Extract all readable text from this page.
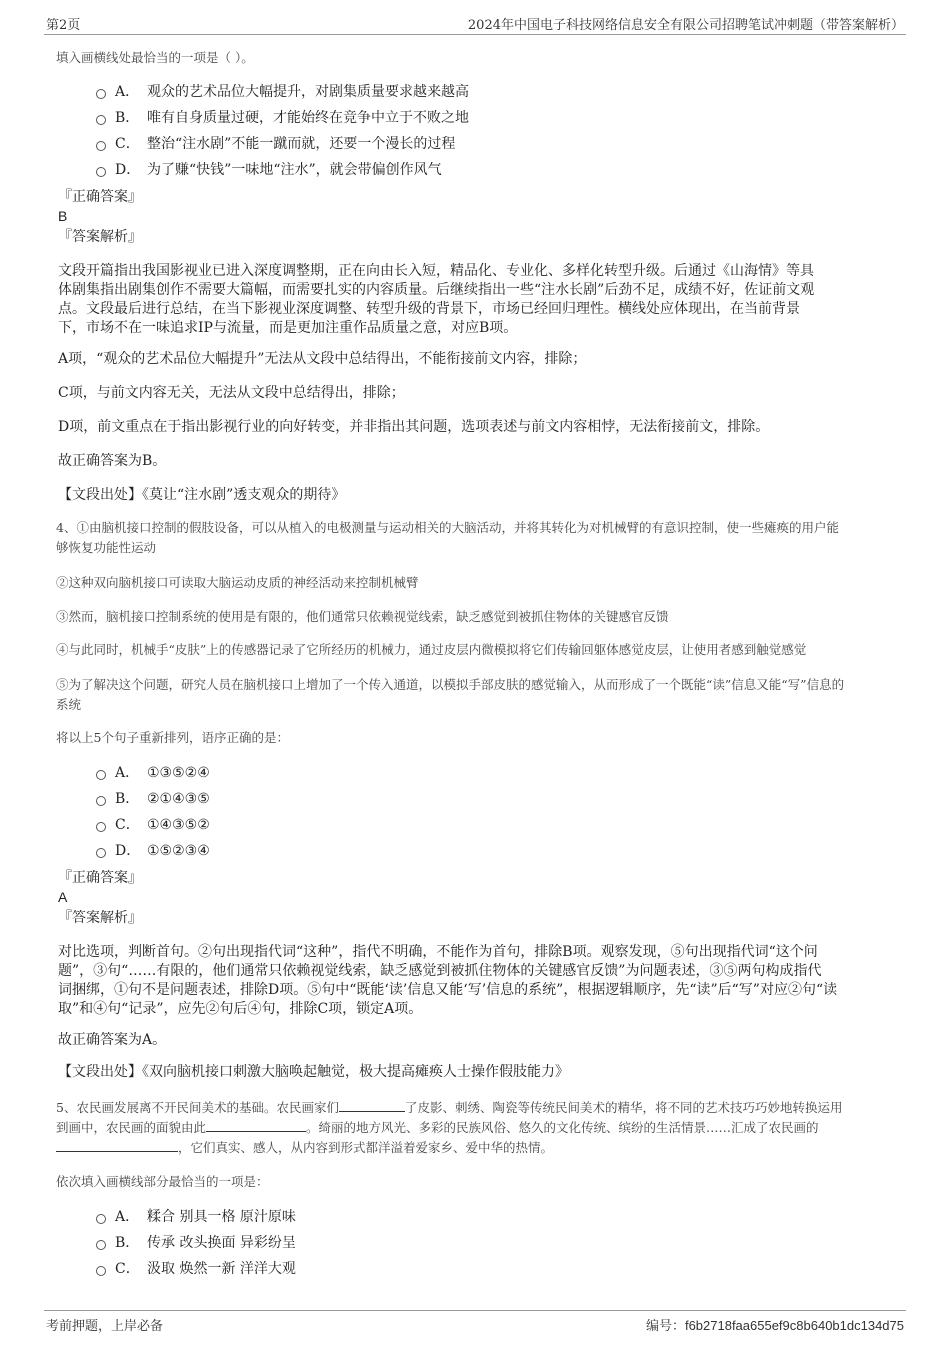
第2页	2024年中国电子科技网络信息安全有限公司招聘笔试冲刺题（带答案解析）
填入画横线处最恰当的一项是（ ）。
A． 观众的艺术品位大幅提升，对剧集质量要求越来越高
B． 唯有自身质量过硬，才能始终在竞争中立于不败之地
C． 整治“注水剧”不能一蹴而就，还要一个漫长的过程
D． 为了赚“快钱”一味地“注水”，就会带偏创作风气
『正确答案』
B
『答案解析』
文段开篇指出我国影视业已进入深度调整期，正在向由长入短，精品化、专业化、多样化转型升级。后通过《山海情》等具
体剧集指出剧集创作不需要大篇幅，而需要扎实的内容质量。后继续指出一些“注水长剧”后劲不足，成绩不好，佐证前文观
点。文段最后进行总结，在当下影视业深度调整、转型升级的背景下，市场已经回归理性。横线处应体现出，在当前背景
下，市场不在一味追求IP与流量，而是更加注重作品质量之意，对应B项。
A项，“观众的艺术品位大幅提升”无法从文段中总结得出，不能衔接前文内容，排除；
C项，与前文内容无关，无法从文段中总结得出，排除；
D项，前文重点在于指出影视行业的向好转变，并非指出其问题，选项表述与前文内容相悖，无法衔接前文，排除。
故正确答案为B。
【文段出处】《莫让“注水剧”透支观众的期待》
4、①由脑机接口控制的假肢设备，可以从植入的电极测量与运动相关的大脑活动，并将其转化为对机械臂的有意识控制，使一些瘫痪的用户能
够恢复功能性运动
②这种双向脑机接口可读取大脑运动皮质的神经活动来控制机械臂
③然而，脑机接口控制系统的使用是有限的，他们通常只依赖视觉线索，缺乏感觉到被抓住物体的关键感官反馈
④与此同时，机械手“皮肤”上的传感器记录了它所经历的机械力，通过皮层内微模拟将它们传输回躯体感觉皮层，让使用者感到触觉感觉
⑤为了解决这个问题，研究人员在脑机接口上增加了一个传入通道，以模拟手部皮肤的感觉输入，从而形成了一个既能“读”信息又能“写”信息的
系统
将以上5个句子重新排列，语序正确的是：
A． ①③⑤②④
B． ②①④③⑤
C． ①④③⑤②
D． ①⑤②③④
『正确答案』
A
『答案解析』
对比选项，判断首句。②句出现指代词“这种”，指代不明确，不能作为首句，排除B项。观察发现，⑤句出现指代词“这个问
题”，③句“……有限的，他们通常只依赖视觉线索，缺乏感觉到被抓住物体的关键感官反馈”为问题表述，③⑤两句构成指代
词捆绑，①句不是问题表述，排除D项。⑤句中“既能‘读’信息又能‘写’信息的系统”，根据逻辑顺序，先“读”后“写”对应②句“读
取”和④句“记录”，应先②句后④句，排除C项，锁定A项。
故正确答案为A。
【文段出处】《双向脑机接口刺激大脑唤起触觉，极大提高瘫痪人士操作假肢能力》
5、农民画发展离不开民间美术的基础。农民画家们	了皮影、刺绣、陶瓷等传统民间美术的精华，将不同的艺术技巧巧妙地转换运用
到画中，农民画的面貌由此	。绮丽的地方风光、多彩的民族风俗、悠久的文化传统、缤纷的生活情景……汇成了农民画的
，它们真实、感人，从内容到形式都洋溢着爱家乡、爱中华的热情。
依次填入画横线部分最恰当的一项是：
A． 糅合 别具一格 原汁原味
B． 传承 改头换面 异彩纷呈
C． 汲取 焕然一新 洋洋大观
考前押题，上岸必备	编号：f6b2718faa655ef9c8b640b1dc134d75
